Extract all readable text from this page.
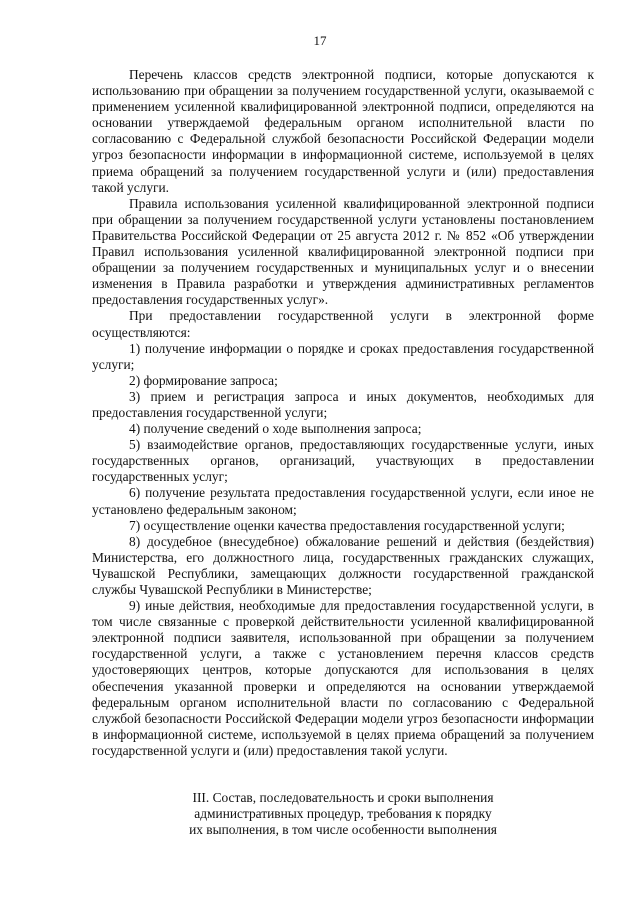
17

Перечень классов средств электронной подписи, которые допускаются к использованию при обращении за получением государственной услуги, оказываемой с применением усиленной квалифицированной электронной подписи, определяются на основании утверждаемой федеральным органом исполнительной власти по согласованию с Федеральной службой безопасности Российской Федерации модели угроз безопасности информации в информационной системе, используемой в целях приема обращений за получением государственной услуги и (или) предоставления такой услуги.

Правила использования усиленной квалифицированной электронной подписи при обращении за получением государственной услуги установлены постановлением Правительства Российской Федерации от 25 августа 2012 г. № 852 «Об утверждении Правил использования усиленной квалифицированной электронной подписи при обращении за получением государственных и муниципальных услуг и о внесении изменения в Правила разработки и утверждения административных регламентов предоставления государственных услуг».

При предоставлении государственной услуги в электронной форме осуществляются:

1) получение информации о порядке и сроках предоставления государственной услуги;

2) формирование запроса;

3) прием и регистрация запроса и иных документов, необходимых для предоставления государственной услуги;

4) получение сведений о ходе выполнения запроса;

5) взаимодействие органов, предоставляющих государственные услуги, иных государственных органов, организаций, участвующих в предоставлении государственных услуг;

6) получение результата предоставления государственной услуги, если иное не установлено федеральным законом;

7) осуществление оценки качества предоставления государственной услуги;

8) досудебное (внесудебное) обжалование решений и действия (бездействия) Министерства, его должностного лица, государственных гражданских служащих, Чувашской Республики, замещающих должности государственной гражданской службы Чувашской Республики в Министерстве;

9) иные действия, необходимые для предоставления государственной услуги, в том числе связанные с проверкой действительности усиленной квалифицированной электронной подписи заявителя, использованной при обращении за получением государственной услуги, а также с установлением перечня классов средств удостоверяющих центров, которые допускаются для использования в целях обеспечения указанной проверки и определяются на основании утверждаемой федеральным органом исполнительной власти по согласованию с Федеральной службой безопасности Российской Федерации модели угроз безопасности информации в информационной системе, используемой в целях приема обращений за получением государственной услуги и (или) предоставления такой услуги.

III. Состав, последовательность и сроки выполнения
административных процедур, требования к порядку
их выполнения, в том числе особенности выполнения
